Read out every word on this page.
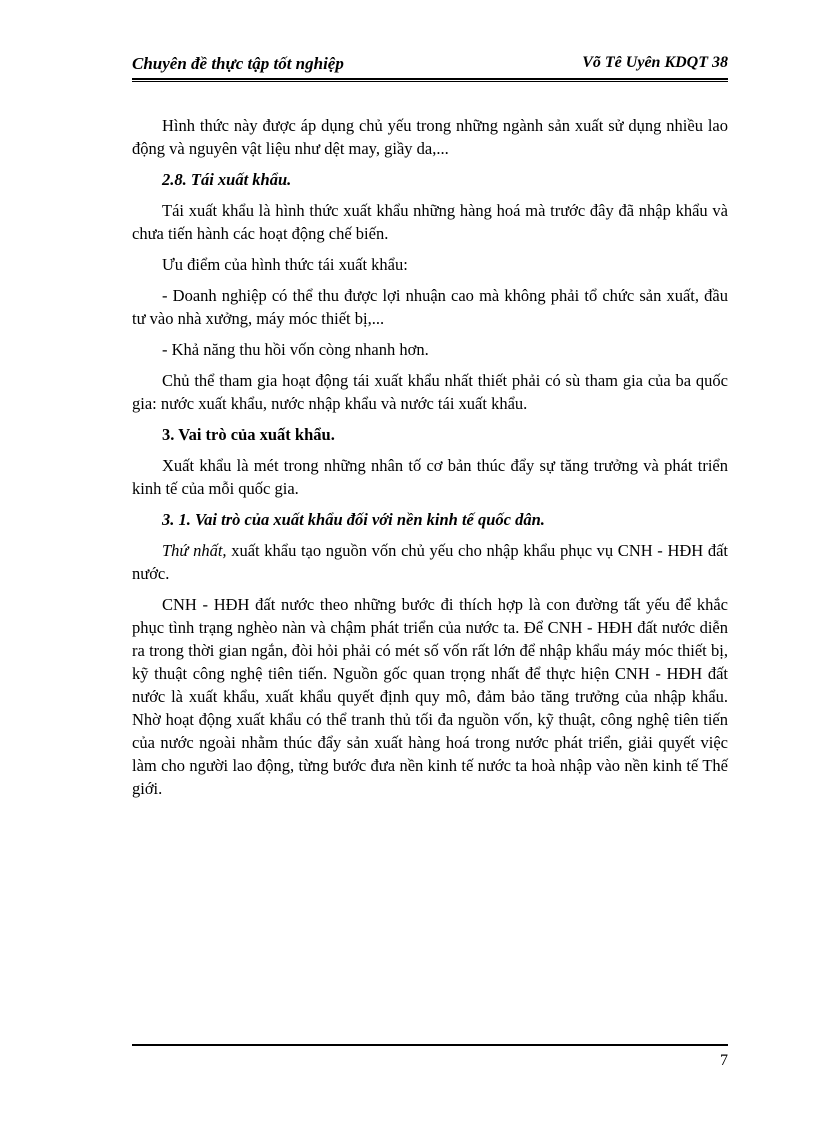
Chuyên đề thực tập tốt nghiệp	Võ Tê Uyên KDQT 38

Hình thức này được áp dụng chủ yếu trong những ngành sản xuất sử dụng nhiều lao động và nguyên vật liệu như dệt may, giầy da,...

2.8. Tái xuất khẩu.

Tái xuất khẩu là hình thức xuất khẩu những hàng hoá mà trước đây đã nhập khẩu và chưa tiến hành các hoạt động chế biến.

Ưu điểm của hình thức tái xuất khẩu:

- Doanh nghiệp có thể thu được lợi nhuận cao mà không phải tổ chức sản xuất, đầu tư vào nhà xưởng, máy móc thiết bị,...

- Khả năng thu hồi vốn còng nhanh hơn.

Chủ thể tham gia hoạt động tái xuất khẩu nhất thiết phải có sù tham gia của ba quốc gia: nước xuất khẩu, nước nhập khẩu và nước tái xuất khẩu.

3. Vai trò của xuất khẩu.

Xuất khẩu là mét trong những nhân tố cơ bản thúc đẩy sự tăng trưởng và phát triển kinh tế của mỗi quốc gia.

3. 1. Vai trò của xuất khẩu đối với nền kinh tế quốc dân.

Thứ nhất, xuất khẩu tạo nguồn vốn chủ yếu cho nhập khẩu phục vụ CNH - HĐH đất nước.

CNH - HĐH đất nước theo những bước đi thích hợp là con đường tất yếu để khắc phục tình trạng nghèo nàn và chậm phát triển của nước ta. Để CNH - HĐH đất nước diễn ra trong thời gian ngắn, đòi hỏi phải có mét số vốn rất lớn để nhập khẩu máy móc thiết bị, kỹ thuật công nghệ tiên tiến. Nguồn gốc quan trọng nhất để thực hiện CNH - HĐH đất nước là xuất khẩu, xuất khẩu quyết định quy mô, đảm bảo tăng trưởng của nhập khẩu. Nhờ hoạt động xuất khẩu có thể tranh thủ tối đa nguồn vốn, kỹ thuật, công nghệ tiên tiến của nước ngoài nhằm thúc đẩy sản xuất hàng hoá trong nước phát triển, giải quyết việc làm cho người lao động, từng bước đưa nền kinh tế nước ta hoà nhập vào nền kinh tế Thế giới.

7
